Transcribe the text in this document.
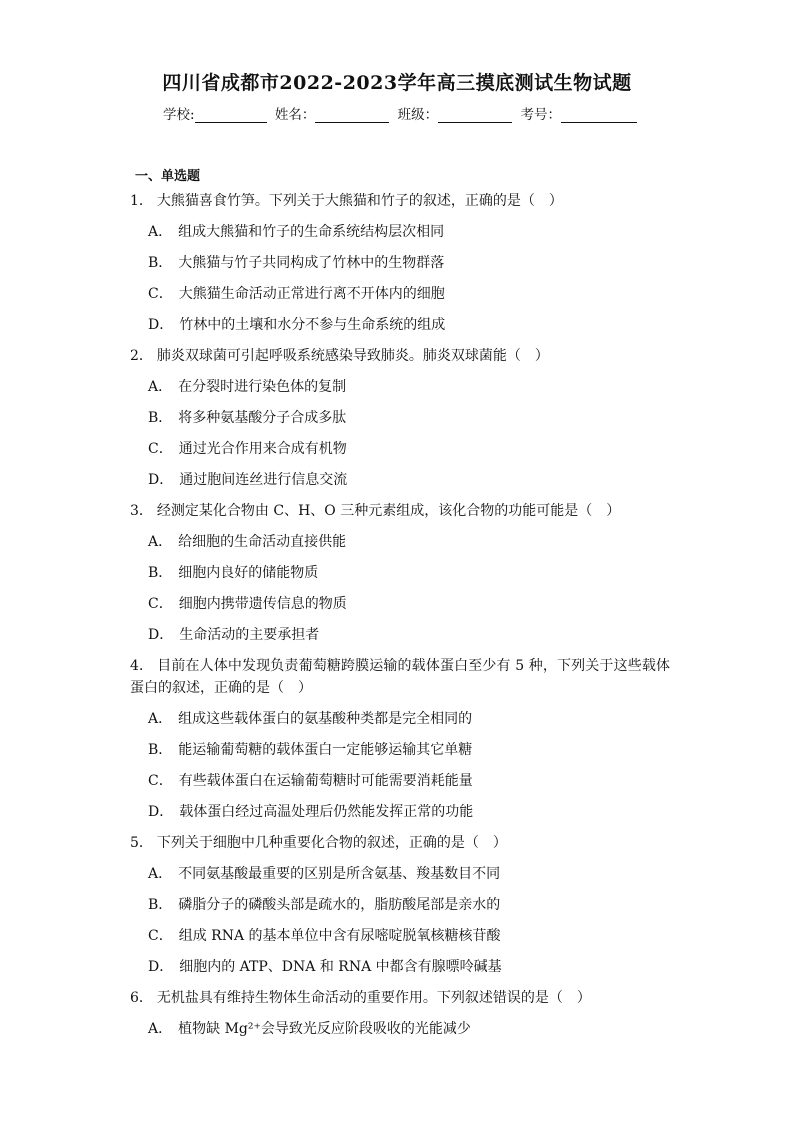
四川省成都市2022-2023学年高三摸底测试生物试题
学校:	姓名：	班级：	考号：
一、单选题

1． 大熊猫喜食竹笋。下列关于大熊猫和竹子的叙述，正确的是（　）

A． 组成大熊猫和竹子的生命系统结构层次相同

B． 大熊猫与竹子共同构成了竹林中的生物群落

C． 大熊猫生命活动正常进行离不开体内的细胞

D． 竹林中的土壤和水分不参与生命系统的组成

2． 肺炎双球菌可引起呼吸系统感染导致肺炎。肺炎双球菌能（　）

A． 在分裂时进行染色体的复制

B． 将多种氨基酸分子合成多肽

C． 通过光合作用来合成有机物

D． 通过胞间连丝进行信息交流

3． 经测定某化合物由 C、H、O 三种元素组成，该化合物的功能可能是（　）

A． 给细胞的生命活动直接供能

B． 细胞内良好的储能物质

C． 细胞内携带遗传信息的物质

D． 生命活动的主要承担者

4． 目前在人体中发现负责葡萄糖跨膜运输的载体蛋白至少有 5 种，下列关于这些载体蛋白的叙述，正确的是（　）

A． 组成这些载体蛋白的氨基酸种类都是完全相同的

B． 能运输葡萄糖的载体蛋白一定能够运输其它单糖

C． 有些载体蛋白在运输葡萄糖时可能需要消耗能量

D． 载体蛋白经过高温处理后仍然能发挥正常的功能

5． 下列关于细胞中几种重要化合物的叙述，正确的是（　）

A． 不同氨基酸最重要的区别是所含氨基、羧基数目不同

B． 磷脂分子的磷酸头部是疏水的，脂肪酸尾部是亲水的

C． 组成 RNA 的基本单位中含有尿嘧啶脱氧核糖核苷酸

D． 细胞内的 ATP、DNA 和 RNA 中都含有腺嘌呤碱基

6． 无机盐具有维持生物体生命活动的重要作用。下列叙述错误的是（　）

A． 植物缺 Mg²⁺会导致光反应阶段吸收的光能减少
